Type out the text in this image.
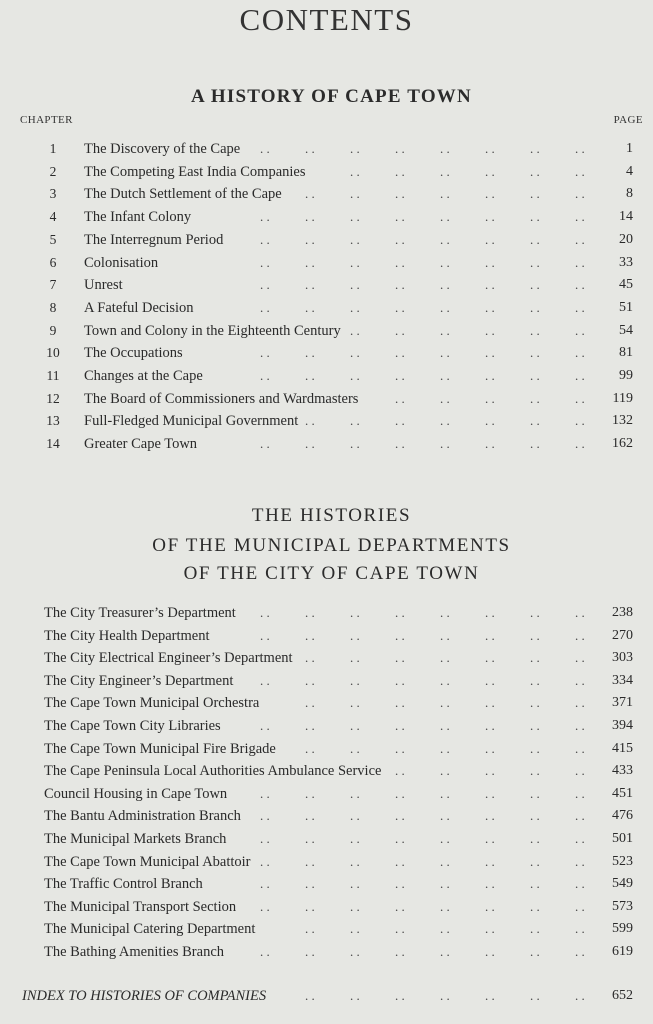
CONTENTS
A HISTORY OF CAPE TOWN
CHAPTER	PAGE
1	The Discovery of the Cape . .	. .	. .	. .	. .	. .	. .	. .	1
2	The Competing East India Companies	. .	. .	. .	. .	. .	. .	4
3	The Dutch Settlement of the Cape . .	. .	. .	. .	. .	. .	. .	8
4	The Infant Colony	. .	. .	. .	. .	. .	. .	. .	. .	14
5	The Interregnum Period	. .	. .	. .	. .	. .	. .	. .	. .	20
6	Colonisation	. .	. .	. .	. .	. .	. .	. .	. .	33
7	Unrest	. .	. .	. .	. .	. .	. .	. .	. .	45
8	A Fateful Decision	. .	. .	. .	. .	. .	. .	. .	. .	51
9	Town and Colony in the Eighteenth Century . .	. .	. .	. .	. .	. .	54
10	The Occupations	. .	. .	. .	. .	. .	. .	. .	. .	81
11	Changes at the Cape	. .	. .	. .	. .	. .	. .	. .	. .	99
12	The Board of Commissioners and Wardmasters	. .	. .	. .	. .	. .	119
13	Full-Fledged Municipal Government . .	. .	. .	. .	. .	. .	. .	132
14	Greater Cape Town	. .	. .	. .	. .	. .	. .	. .	. .	162
THE HISTORIES
OF THE MUNICIPAL DEPARTMENTS
OF THE CITY OF CAPE TOWN
The City Treasurer’s Department . .	. .	. .	. .	. .	. .	. .	. .	238
The City Health Department	. .	. .	. .	. .	. .	. .	. .	. .	270
The City Electrical Engineer’s Department . .	. .	. .	. .	. .	. .	. .	303
The City Engineer’s Department . .	. .	. .	. .	. .	. .	. .	. .	334
The Cape Town Municipal Orchestra	. .	. .	. .	. .	. .	. .	. .	371
The Cape Town City Libraries	. .	. .	. .	. .	. .	. .	. .	. .	394
The Cape Town Municipal Fire Brigade . .	. .	. .	. .	. .	. .	. .	415
The Cape Peninsula Local Authorities Ambulance Service . .	. .	. .	. .	. .	433
Council Housing in Cape Town	. .	. .	. .	. .	. .	. .	. .	. .	451
The Bantu Administration Branch . .	. .	. .	. .	. .	. .	. .	. .	476
The Municipal Markets Branch	. .	. .	. .	. .	. .	. .	. .	. .	501
The Cape Town Municipal Abattoir . .	. .	. .	. .	. .	. .	. .	. .	523
The Traffic Control Branch	. .	. .	. .	. .	. .	. .	. .	. .	549
The Municipal Transport Section . .	. .	. .	. .	. .	. .	. .	. .	573
The Municipal Catering Department	. .	. .	. .	. .	. .	. .	. .	599
The Bathing Amenities Branch	. .	. .	. .	. .	. .	. .	. .	. .	619
INDEX TO HISTORIES OF COMPANIES	. .	. .	. .	. .	. .	. .	. .	652
